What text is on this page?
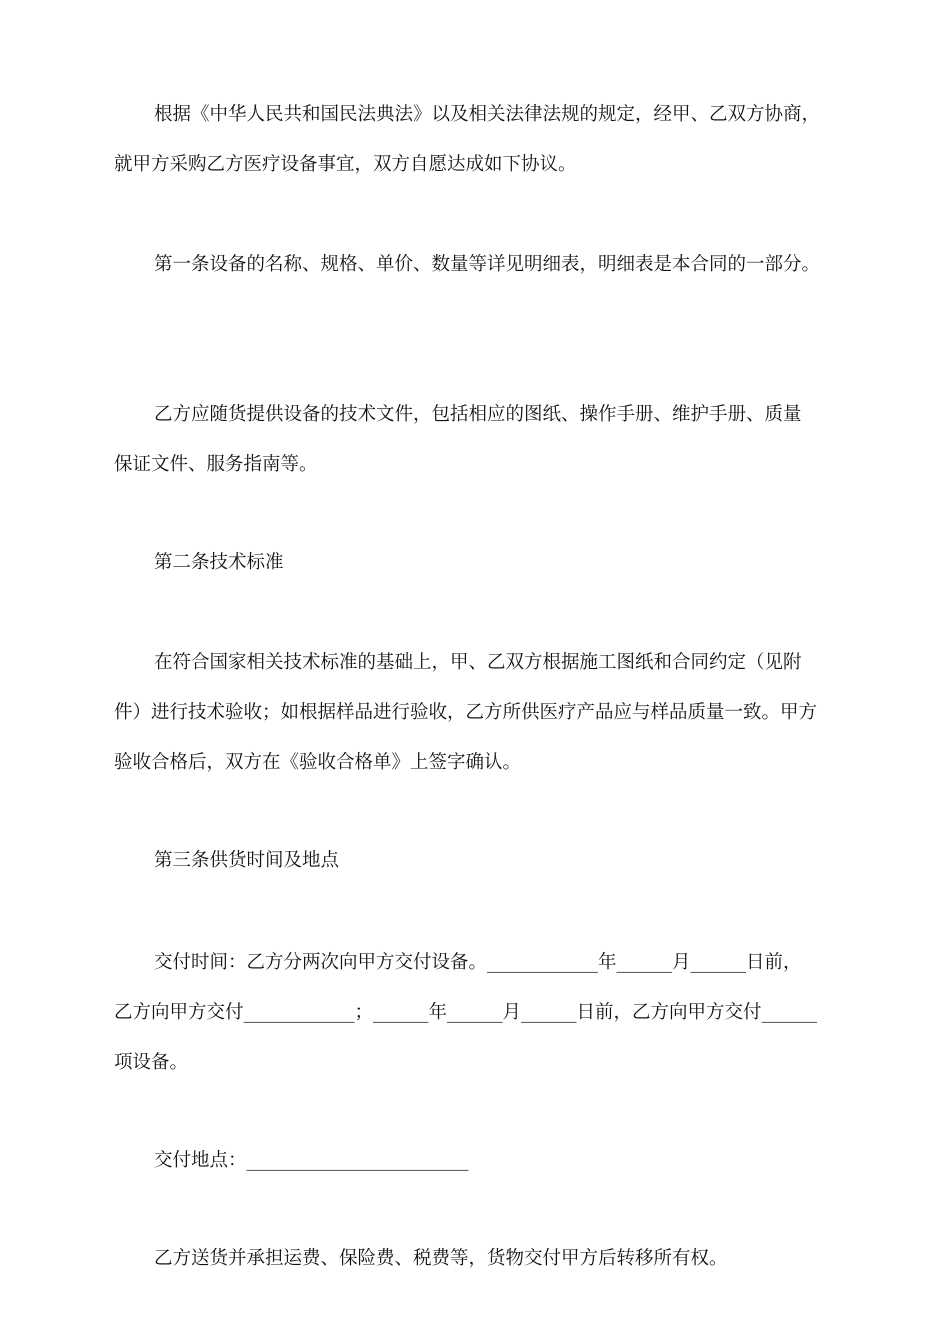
根据《中华人民共和国民法典法》以及相关法律法规的规定，经甲、乙双方协商，
就甲方采购乙方医疗设备事宜，双方自愿达成如下协议。
第一条设备的名称、规格、单价、数量等详见明细表，明细表是本合同的一部分。
乙方应随货提供设备的技术文件，包括相应的图纸、操作手册、维护手册、质量
保证文件、服务指南等。
第二条技术标准
在符合国家相关技术标准的基础上，甲、乙双方根据施工图纸和合同约定（见附
件）进行技术验收；如根据样品进行验收，乙方所供医疗产品应与样品质量一致。甲方
验收合格后，双方在《验收合格单》上签字确认。
第三条供货时间及地点
交付时间：乙方分两次向甲方交付设备。____________年______月______日前，
乙方向甲方交付____________；______年______月______日前，乙方向甲方交付______
项设备。
交付地点：________________________
乙方送货并承担运费、保险费、税费等，货物交付甲方后转移所有权。
